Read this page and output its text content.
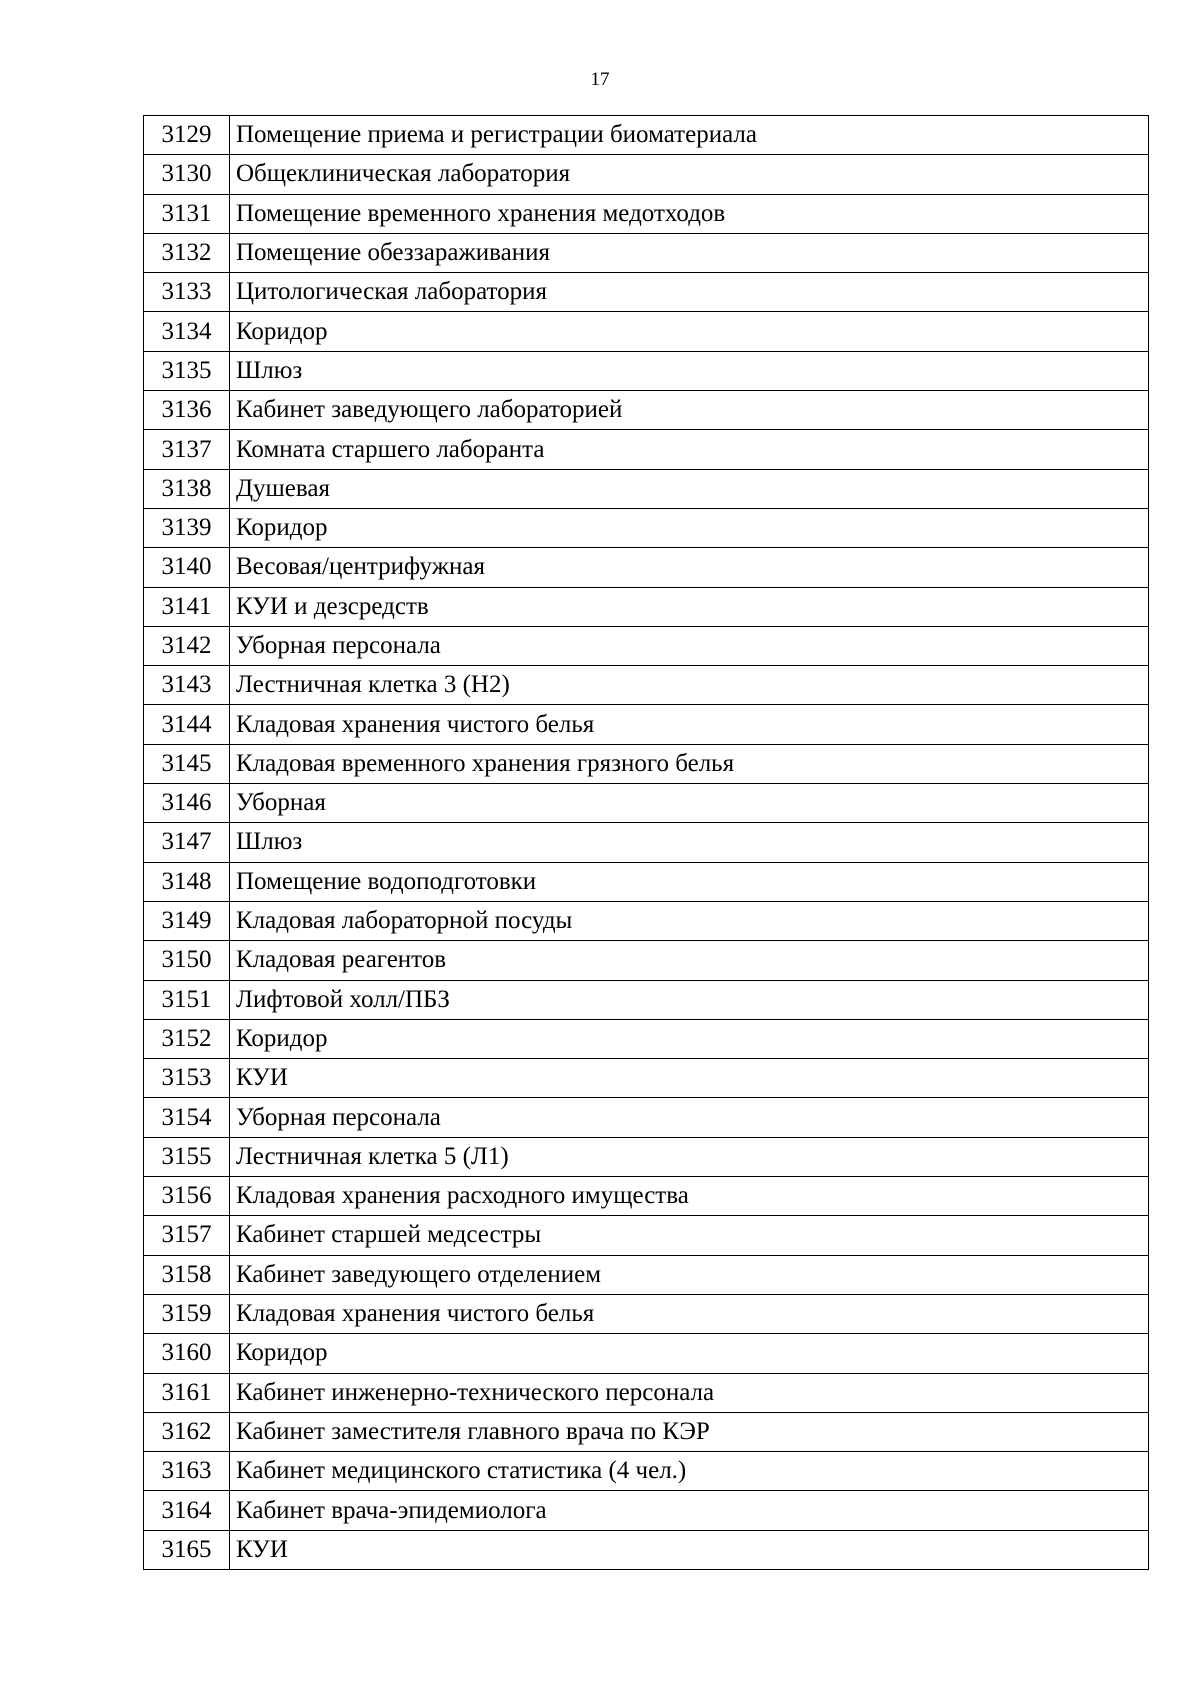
17
3129	Помещение приема и регистрации биоматериала
3130	Общеклиническая лаборатория
3131	Помещение временного хранения медотходов
3132	Помещение обеззараживания
3133	Цитологическая лаборатория
3134	Коридор
3135	Шлюз
3136	Кабинет заведующего лабораторией
3137	Комната старшего лаборанта
3138	Душевая
3139	Коридор
3140	Весовая/центрифужная
3141	КУИ и дезсредств
3142	Уборная персонала
3143	Лестничная клетка 3 (Н2)
3144	Кладовая хранения чистого белья
3145	Кладовая временного хранения грязного белья
3146	Уборная
3147	Шлюз
3148	Помещение водоподготовки
3149	Кладовая лабораторной посуды
3150	Кладовая реагентов
3151	Лифтовой холл/ПБЗ
3152	Коридор
3153	КУИ
3154	Уборная персонала
3155	Лестничная клетка 5 (Л1)
3156	Кладовая хранения расходного имущества
3157	Кабинет старшей медсестры
3158	Кабинет заведующего отделением
3159	Кладовая хранения чистого белья
3160	Коридор
3161	Кабинет инженерно-технического персонала
3162	Кабинет заместителя главного врача по КЭР
3163	Кабинет медицинского статистика (4 чел.)
3164	Кабинет врача-эпидемиолога
3165	КУИ
